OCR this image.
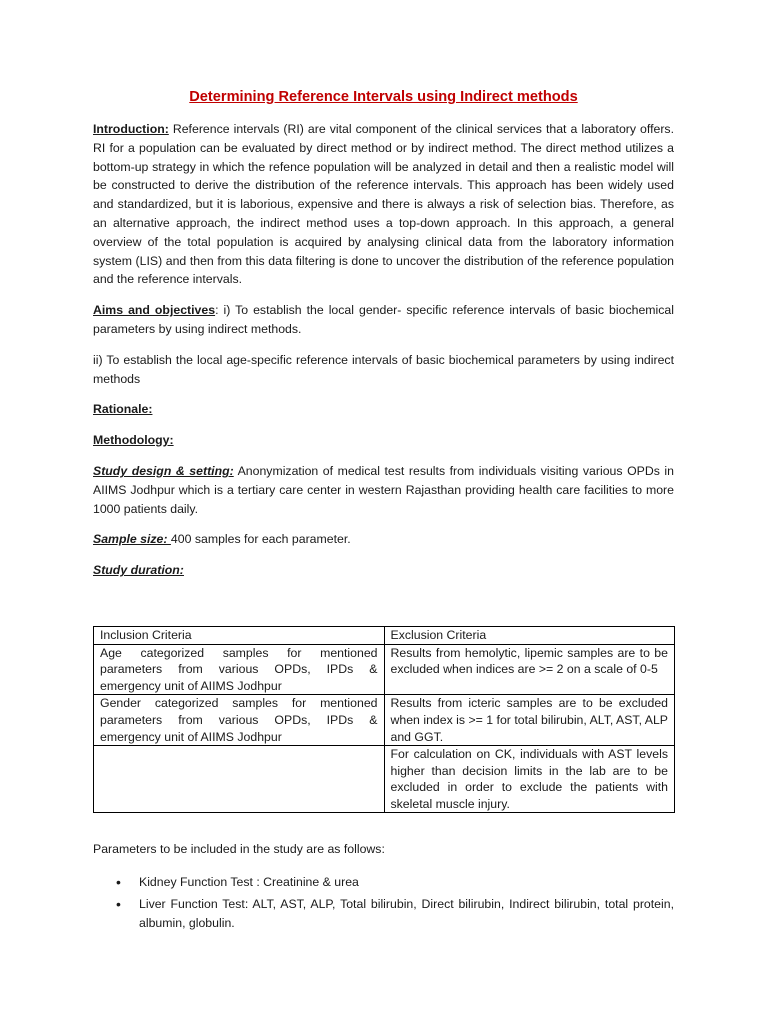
Determining Reference Intervals using Indirect methods

Introduction: Reference intervals (RI) are vital component of the clinical services that a laboratory offers. RI for a population can be evaluated by direct method or by indirect method. The direct method utilizes a bottom-up strategy in which the refence population will be analyzed in detail and then a realistic model will be constructed to derive the distribution of the reference intervals. This approach has been widely used and standardized, but it is laborious, expensive and there is always a risk of selection bias. Therefore, as an alternative approach, the indirect method uses a top-down approach. In this approach, a general overview of the total population is acquired by analysing clinical data from the laboratory information system (LIS) and then from this data filtering is done to uncover the distribution of the reference population and the reference intervals.

Aims and objectives: i) To establish the local gender- specific reference intervals of basic biochemical parameters by using indirect methods.

ii) To establish the local age-specific reference intervals of basic biochemical parameters by using indirect methods

Rationale:
Methodology:

Study design & setting: Anonymization of medical test results from individuals visiting various OPDs in AIIMS Jodhpur which is a tertiary care center in western Rajasthan providing health care facilities to more 1000 patients daily.

Sample size: 400 samples for each parameter.

Study duration:
Inclusion Criteria	Exclusion Criteria
Age categorized samples for mentioned parameters from various OPDs, IPDs & emergency unit of AIIMS Jodhpur	Results from hemolytic, lipemic samples are to be excluded when indices are >= 2 on a scale of 0-5
Gender categorized samples for mentioned parameters from various OPDs, IPDs & emergency unit of AIIMS Jodhpur	Results from icteric samples are to be excluded when index is >= 1 for total bilirubin, ALT, AST, ALP and GGT.
	For calculation on CK, individuals with AST levels higher than decision limits in the lab are to be excluded in order to exclude the patients with skeletal muscle injury.
Parameters to be included in the study are as follows:
• Kidney Function Test : Creatinine & urea
• Liver Function Test: ALT, AST, ALP, Total bilirubin, Direct bilirubin, Indirect bilirubin, total protein, albumin, globulin.
